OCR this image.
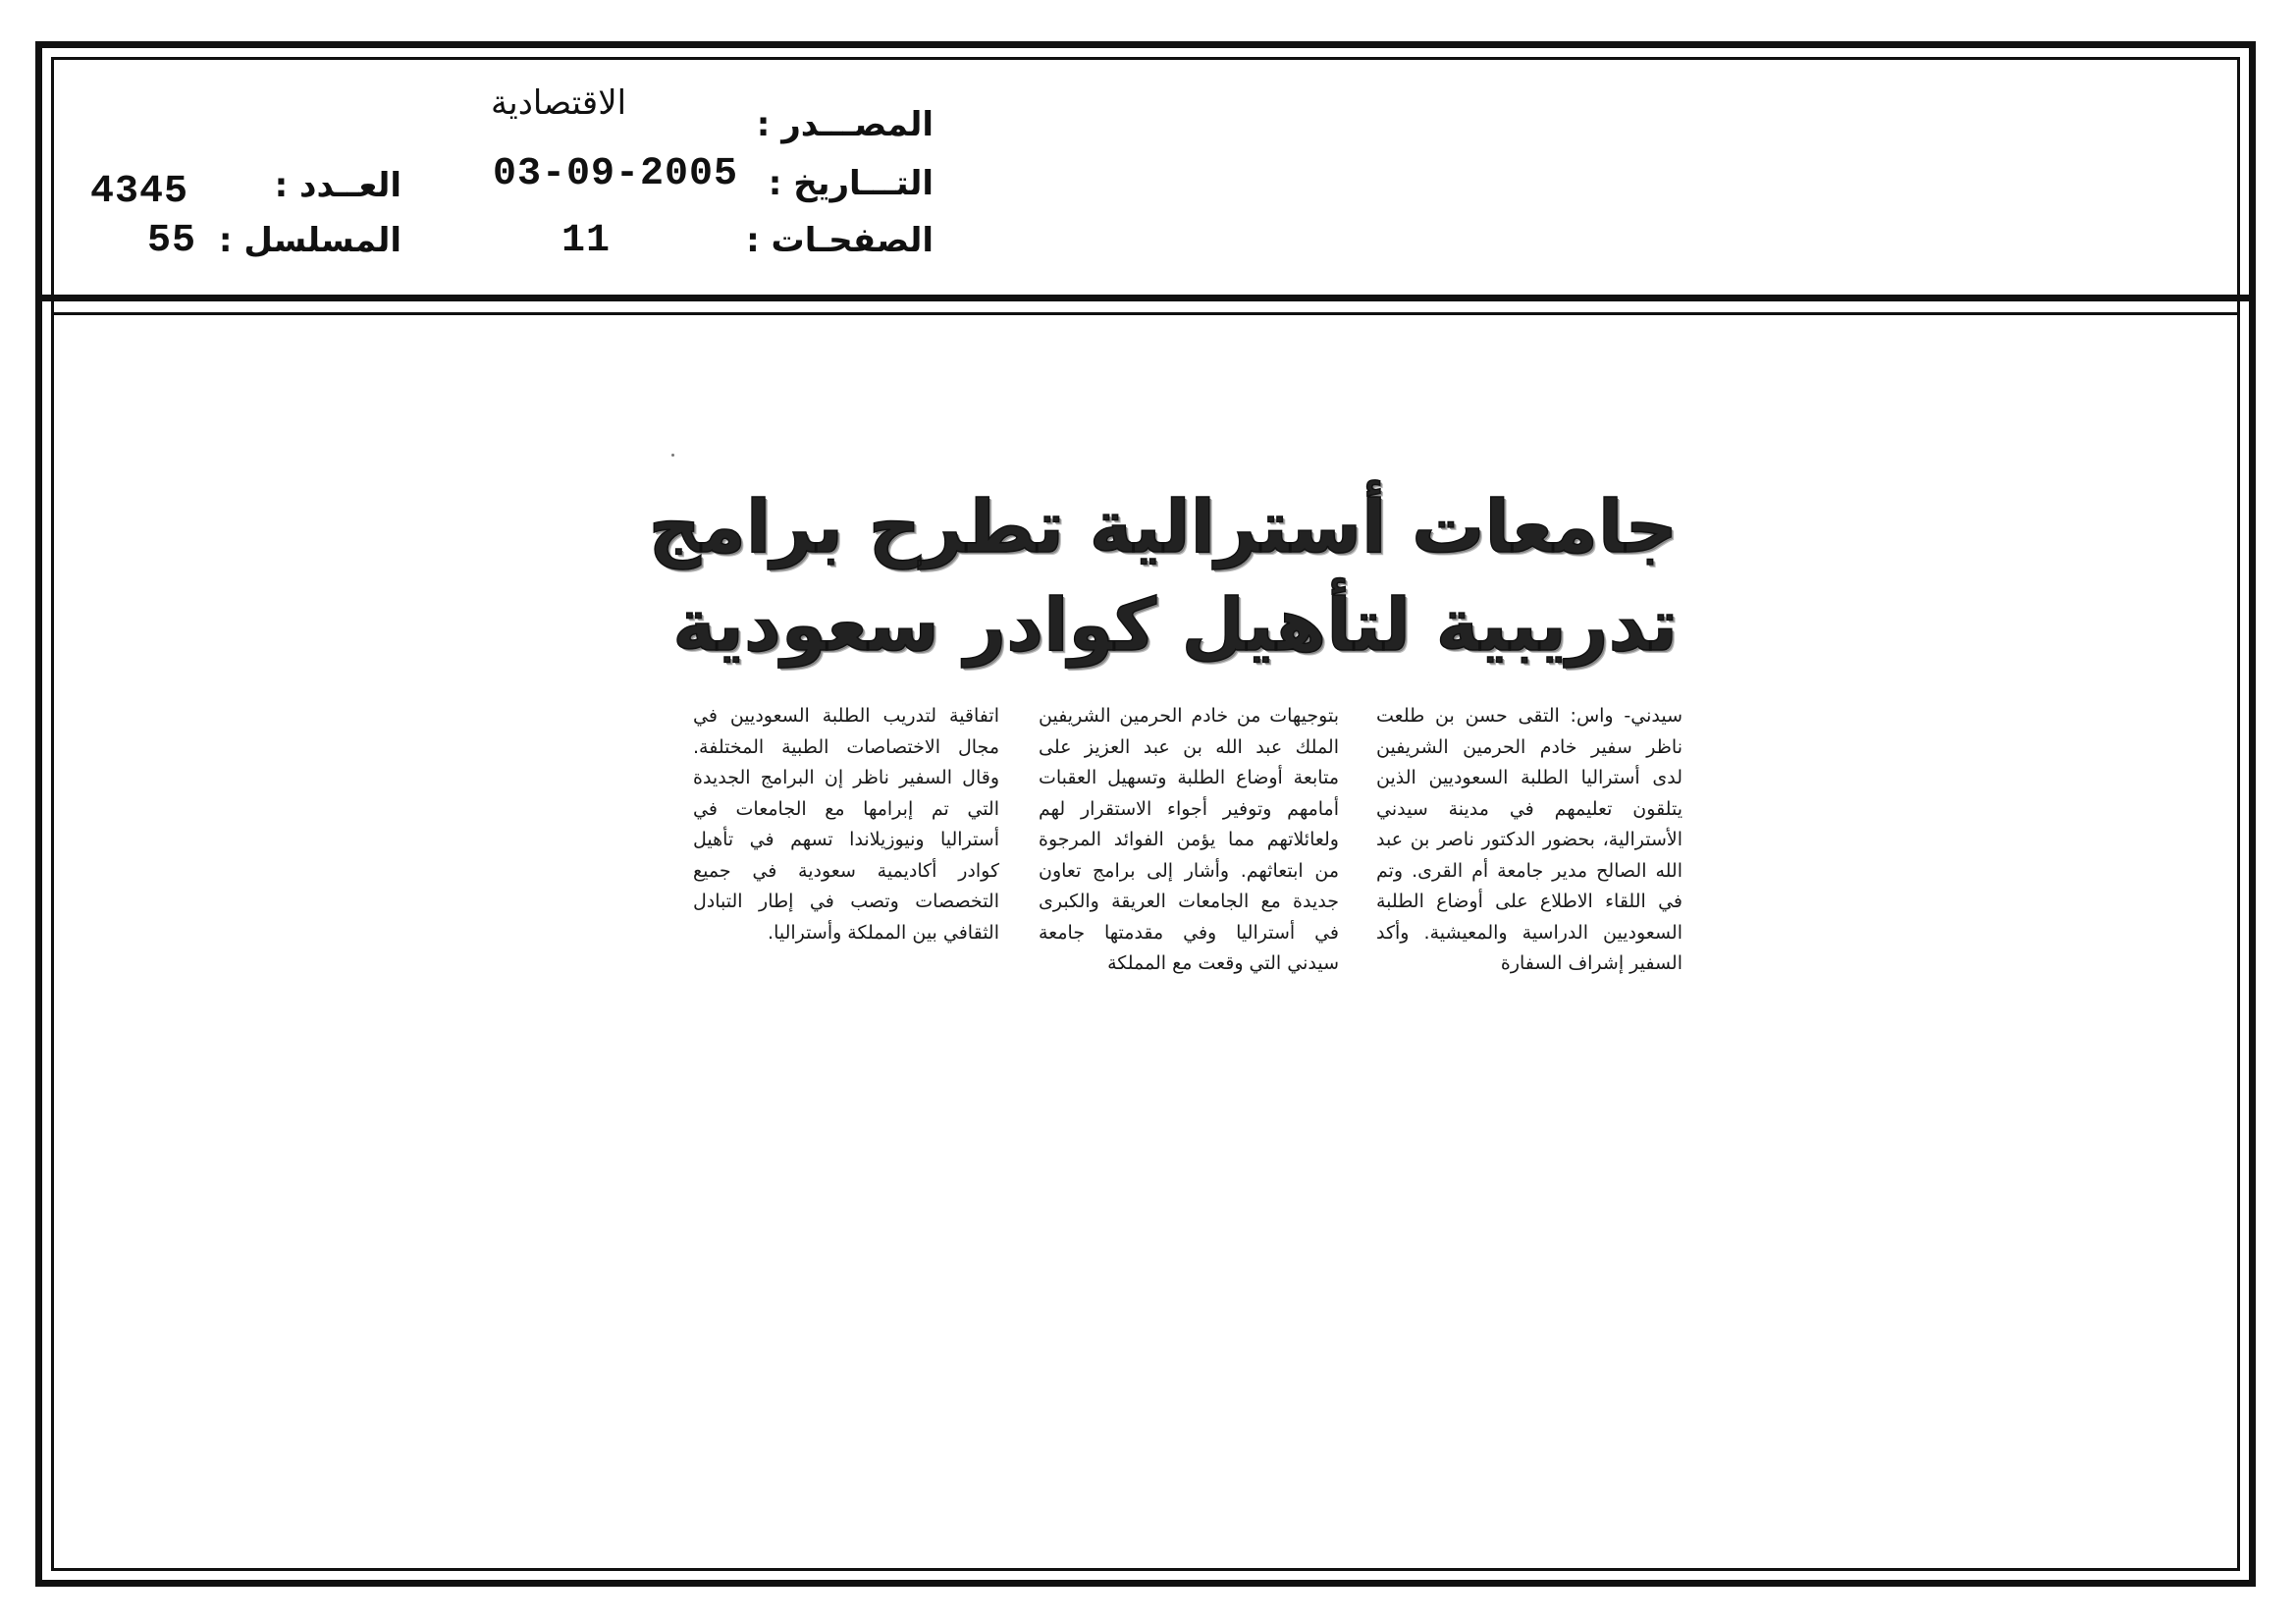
المصـــدر :
الاقتصادية
التـــاريخ :
03-09-2005
الصفحـات :
11
العــدد :
4345
المسلسل :
55
جامعات أسترالية تطرح برامج
تدريبية لتأهيل كوادر سعودية

سيدني- واس: التقى حسن بن طلعت ناظر سفير خادم الحرمين الشريفين لدى أستراليا الطلبة السعوديين الذين يتلقون تعليمهم في مدينة سيدني الأسترالية، بحضور الدكتور ناصر بن عبد الله الصالح مدير جامعة أم القرى. وتم في اللقاء الاطلاع على أوضاع الطلبة السعوديين الدراسية والمعيشية. وأكد السفير إشراف السفارة

بتوجيهات من خادم الحرمين الشريفين الملك عبد الله بن عبد العزيز على متابعة أوضاع الطلبة وتسهيل العقبات أمامهم وتوفير أجواء الاستقرار لهم ولعائلاتهم مما يؤمن الفوائد المرجوة من ابتعاثهم. وأشار إلى برامج تعاون جديدة مع الجامعات العريقة والكبرى في أستراليا وفي مقدمتها جامعة سيدني التي وقعت مع المملكة

اتفاقية لتدريب الطلبة السعوديين في مجال الاختصاصات الطبية المختلفة. وقال السفير ناظر إن البرامج الجديدة التي تم إبرامها مع الجامعات في أستراليا ونيوزيلاندا تسهم في تأهيل كوادر أكاديمية سعودية في جميع التخصصات وتصب في إطار التبادل الثقافي بين المملكة وأستراليا.
